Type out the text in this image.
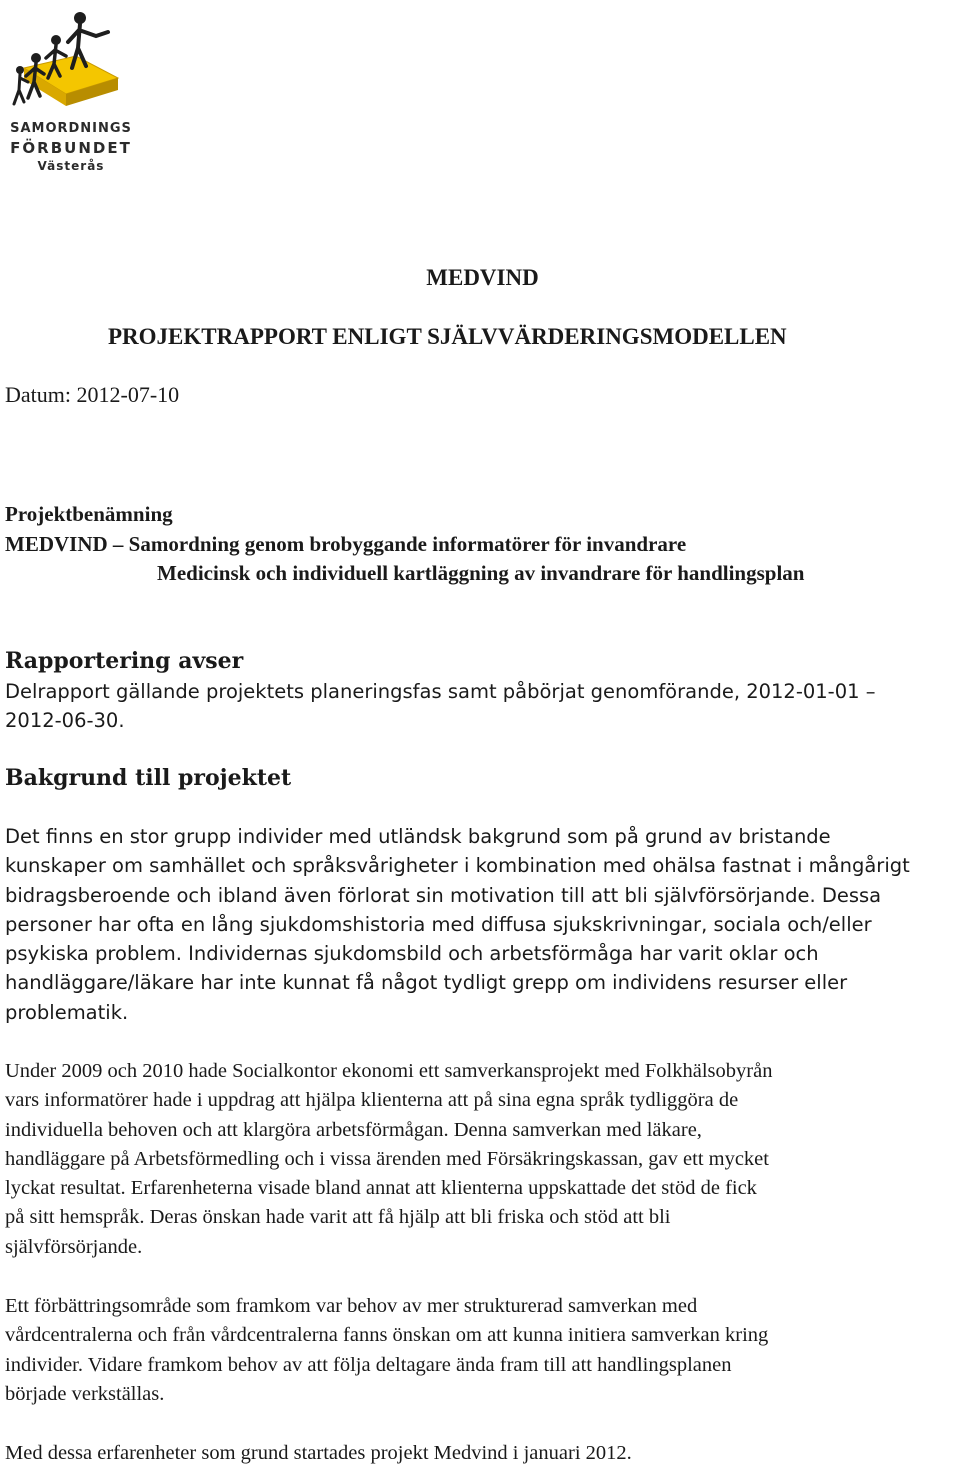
SAMORDNINGS
FÖRBUNDET
Västerås
MEDVIND
PROJEKTRAPPORT ENLIGT SJÄLVVÄRDERINGSMODELLEN
Datum: 2012-07-10

Projektbenämning

MEDVIND – Samordning genom brobyggande informatörer för invandrare

Medicinsk och individuell kartläggning av invandrare för handlingsplan

Rapportering avser

Delrapport gällande projektets planeringsfas samt påbörjat genomförande, 2012-01-01 –

2012-06-30.

Bakgrund till projektet

Det finns en stor grupp individer med utländsk bakgrund som på grund av bristande

kunskaper om samhället och språksvårigheter i kombination med ohälsa fastnat i mångårigt

bidragsberoende och ibland även förlorat sin motivation till att bli självförsörjande. Dessa

personer har ofta en lång sjukdomshistoria med diffusa sjukskrivningar, sociala och/eller

psykiska problem. Individernas sjukdomsbild och arbetsförmåga har varit oklar och

handläggare/läkare har inte kunnat få något tydligt grepp om individens resurser eller

problematik.

Under 2009 och 2010 hade Socialkontor ekonomi ett samverkansprojekt med Folkhälsobyrån

vars informatörer hade i uppdrag att hjälpa klienterna att på sina egna språk tydliggöra de

individuella behoven och att klargöra arbetsförmågan. Denna samverkan med läkare,

handläggare på Arbetsförmedling och i vissa ärenden med Försäkringskassan, gav ett mycket

lyckat resultat. Erfarenheterna visade bland annat att klienterna uppskattade det stöd de fick

på sitt hemspråk. Deras önskan hade varit att få hjälp att bli friska och stöd att bli

självförsörjande.

Ett förbättringsområde som framkom var behov av mer strukturerad samverkan med

vårdcentralerna och från vårdcentralerna fanns önskan om att kunna initiera samverkan kring

individer. Vidare framkom behov av att följa deltagare ända fram till att handlingsplanen

började verkställas.

Med dessa erfarenheter som grund startades projekt Medvind i januari 2012.
